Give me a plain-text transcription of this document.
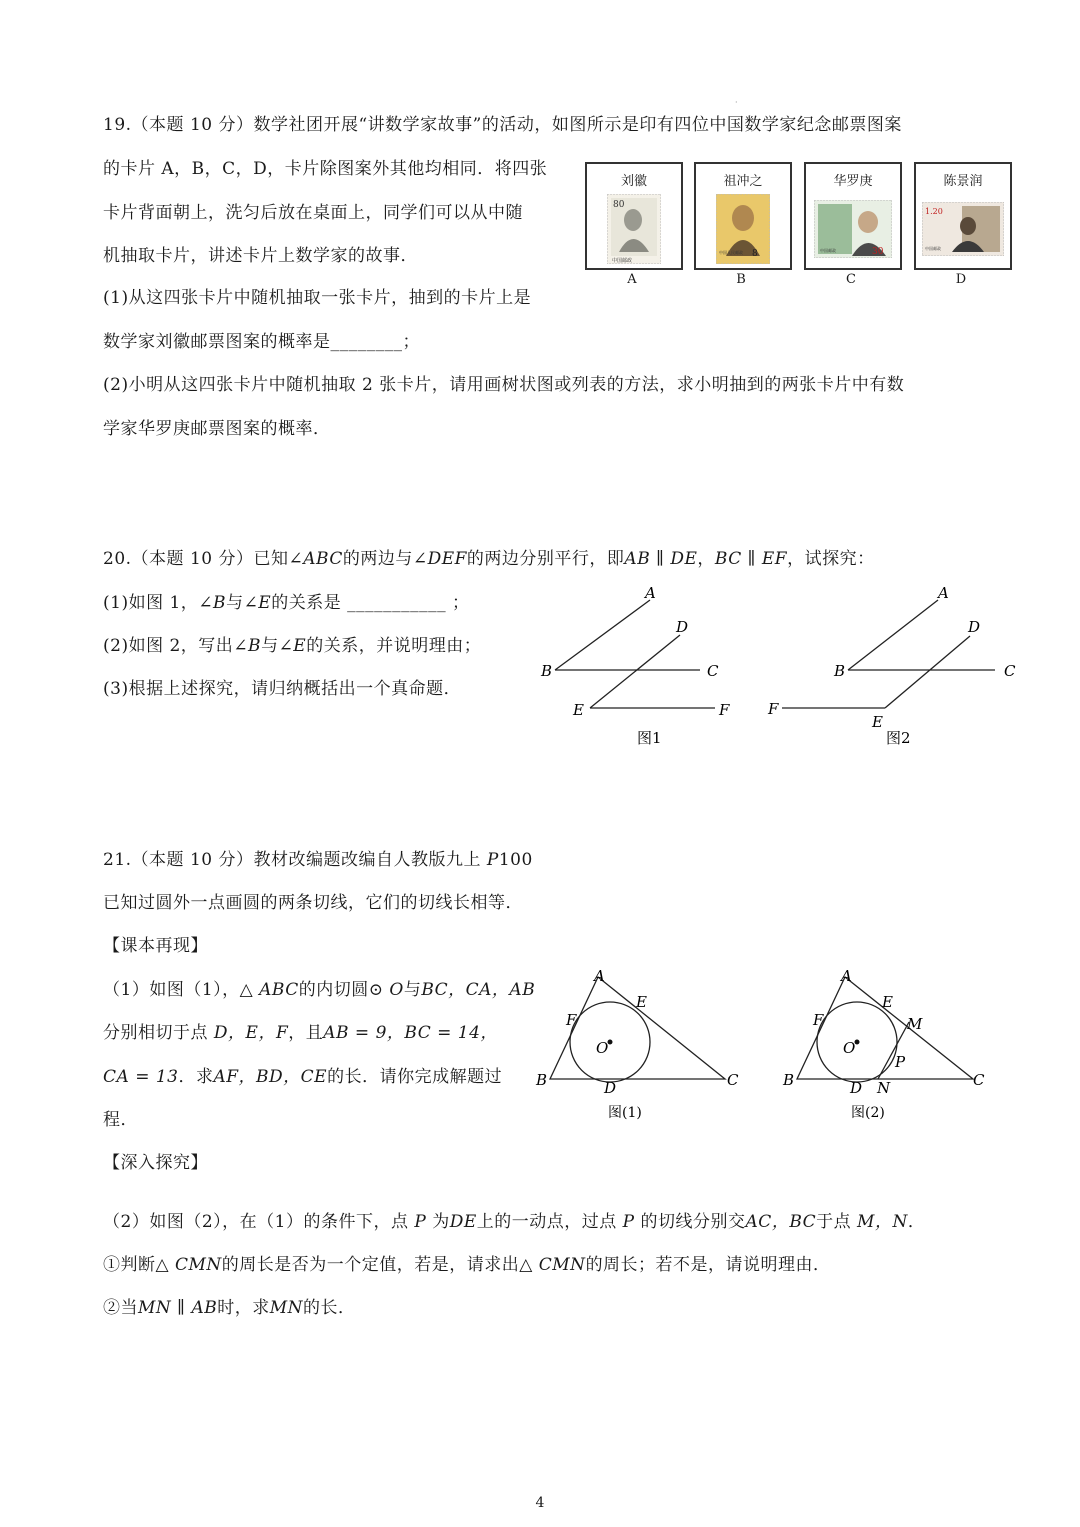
·
19.（本题 10 分）数学社团开展“讲数学家故事”的活动，如图所示是印有四位中国数学家纪念邮票图案
的卡片 A，B，C，D，卡片除图案外其他均相同．将四张
卡片背面朝上，洗匀后放在桌面上，同学们可以从中随
机抽取卡片，讲述卡片上数学家的故事．
(1)从这四张卡片中随机抽取一张卡片，抽到的卡片上是
数学家刘徽邮票图案的概率是________；
(2)小明从这四张卡片中随机抽取 2 张卡片，请用画树状图或列表的方法，求小明抽到的两张卡片中有数
学家华罗庚邮票图案的概率．
刘徽
80
中国邮政
A
祖冲之
8
中国人民邮政
B
华罗庚
30
中国邮政
C
陈景润
1.20
中国邮政
D
20.（本题 10 分）已知∠ABC的两边与∠DEF的两边分别平行，即AB ∥ DE，BC ∥ EF，试探究：
(1)如图 1，∠B与∠E的关系是 ___________ ；
(2)如图 2，写出∠B与∠E的关系，并说明理由；
(3)根据上述探究，请归纳概括出一个真命题．
A
D
B	C
E	F
图1
A
D
B	C
E
F
图2
21.（本题 10 分）教材改编题改编自人教版九上 P100
已知过圆外一点画圆的两条切线，它们的切线长相等．
【课本再现】
（1）如图（1），△ ABC的内切圆⊙ O与BC，CA，AB
分别相切于点 D，E，F，且AB = 9，BC = 14，
CA = 13．求AF，BD，CE的长．请你完成解题过
程．
【深入探究】
（2）如图（2），在（1）的条件下，点 P 为DE上的一动点，过点 P 的切线分别交AC，BC于点 M，N．
①判断△ CMN的周长是否为一个定值，若是，请求出△ CMN的周长；若不是，请说明理由．
②当MN ∥ AB时，求MN的长．
A
B	C
D
E
F
O
图(1)
A
B	C
D
E
F
O
M
N
P
图(2)
4
